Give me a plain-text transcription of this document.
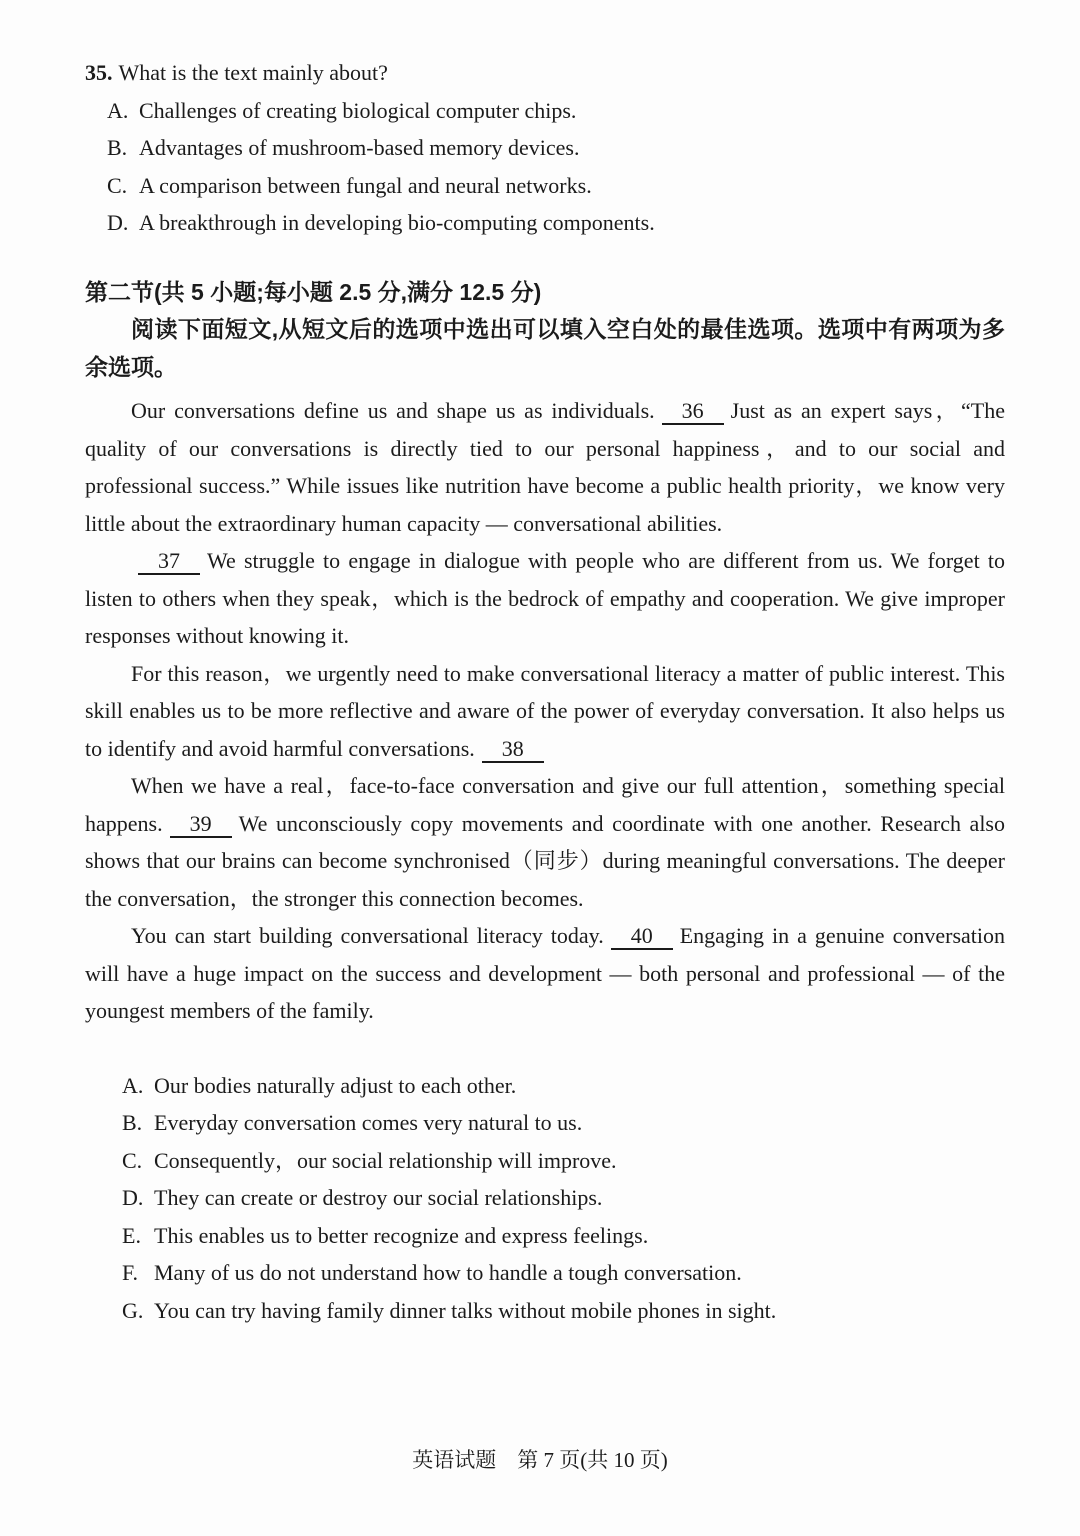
35. What is the text mainly about?
A. Challenges of creating biological computer chips.
B. Advantages of mushroom-based memory devices.
C. A comparison between fungal and neural networks.
D. A breakthrough in developing bio-computing components.
第二节(共 5 小题;每小题 2.5 分,满分 12.5 分)

阅读下面短文,从短文后的选项中选出可以填入空白处的最佳选项。选项中有两项为多余选项。

Our conversations define us and shape us as individuals. 36 Just as an expert says，“The quality of our conversations is directly tied to our personal happiness，and to our social and professional success.” While issues like nutrition have become a public health priority，we know very little about the extraordinary human capacity — conversational abilities.

37 We struggle to engage in dialogue with people who are different from us. We forget to listen to others when they speak，which is the bedrock of empathy and cooperation. We give improper responses without knowing it.

For this reason，we urgently need to make conversational literacy a matter of public interest. This skill enables us to be more reflective and aware of the power of everyday conversation. It also helps us to identify and avoid harmful conversations. 38

When we have a real，face-to-face conversation and give our full attention，something special happens. 39 We unconsciously copy movements and coordinate with one another. Research also shows that our brains can become synchronised（同步）during meaningful conversations. The deeper the conversation，the stronger this connection becomes.

You can start building conversational literacy today. 40 Engaging in a genuine conversation will have a huge impact on the success and development — both personal and professional — of the youngest members of the family.

A. Our bodies naturally adjust to each other.
B. Everyday conversation comes very natural to us.
C. Consequently，our social relationship will improve.
D. They can create or destroy our social relationships.
E. This enables us to better recognize and express feelings.
F. Many of us do not understand how to handle a tough conversation.
G. You can try having family dinner talks without mobile phones in sight.
英语试题　第 7 页(共 10 页)
